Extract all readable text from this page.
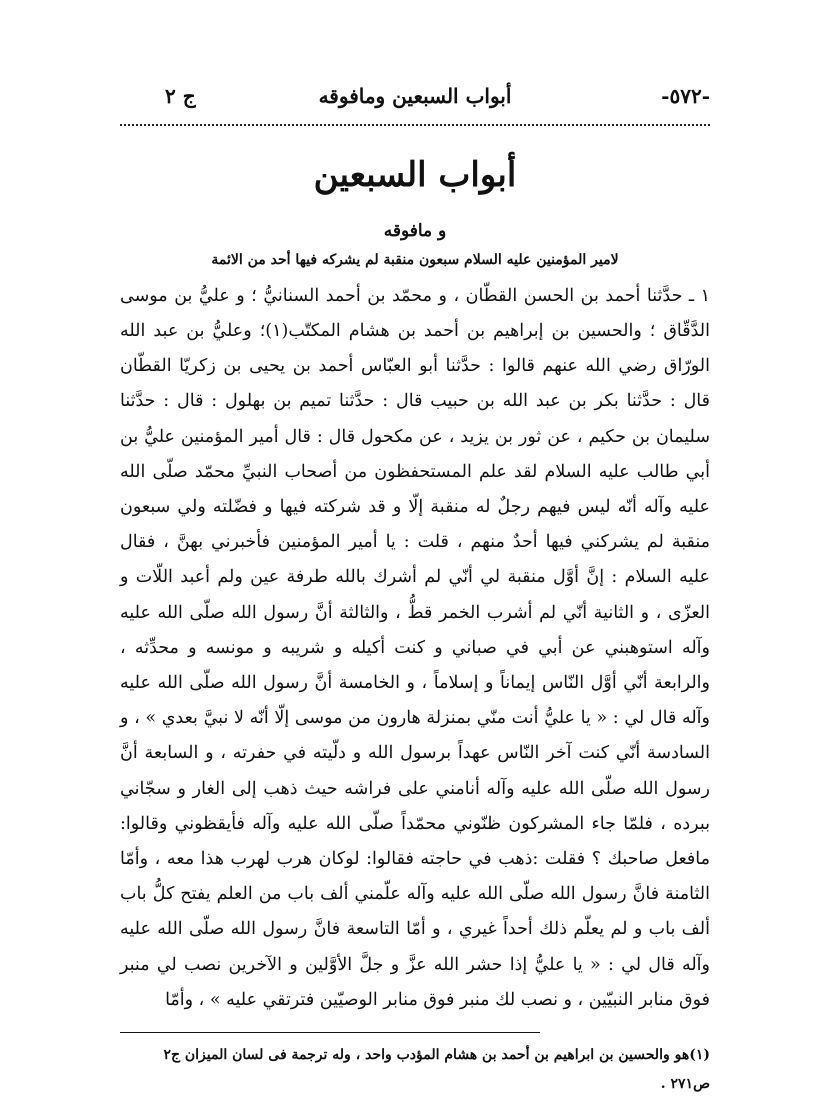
-٥٧٢-
أبواب السبعين ومافوقه
ج ٢
أبواب السبعين
و مافوقه
لامير المؤمنين عليه السلام سبعون منقبة لم يشركه فيها أحد من الائمة

١ ـ حدَّثنا أحمد بن الحسن القطّان ، و محمّد بن أحمد السنانيُّ ؛ و عليُّ بن موسى الدَّقّاق ؛ والحسين بن إبراهيم بن أحمد بن هشام المكتّب(١)؛ وعليُّ بن عبد الله الورّاق رضي الله عنهم قالوا : حدَّثنا أبو العبّاس أحمد بن يحيى بن زكريّا القطّان قال : حدَّثنا بكر بن عبد الله بن حبيب قال : حدَّثنا تميم بن بهلول : قال : حدَّثنا سليمان بن حكيم ، عن ثور بن يزيد ، عن مكحول قال : قال أمير المؤمنين عليُّ بن أبي طالب عليه السلام لقد علم المستحفظون من أصحاب النبيِّ محمّد صلّى الله عليه وآله أنّه ليس فيهم رجلٌ له منقبة إلّا و قد شركته فيها و فضّلته ولي سبعون منقبة لم يشركني فيها أحدٌ منهم ، قلت : يا أمير المؤمنين فأخبرني بهنَّ ، فقال عليه السلام : إنَّ أوَّل منقبة لي أنّي لم أشرك بالله طرفة عين ولم أعبد اللّات و العزّى ، و الثانية أنّي لم أشرب الخمر قطُّ ، والثالثة أنَّ رسول الله صلّى الله عليه وآله استوهبني عن أبي في صباني و كنت أكيله و شريبه و مونسه و محدِّثه ، والرابعة أنّي أوَّل النّاس إيماناً و إسلاماً ، و الخامسة أنَّ رسول الله صلّى الله عليه وآله قال لي : « يا عليُّ أنت منّي بمنزلة هارون من موسى إلّا أنّه لا نبيَّ بعدي » ، و السادسة أنّي كنت آخر النّاس عهداً برسول الله و دلّيته في حفرته ، و السابعة أنَّ رسول الله صلّى الله عليه وآله أنامني على فراشه حيث ذهب إلى الغار و سجّاني ببرده ، فلمّا جاء المشركون ظنّوني محمّداً صلّى الله عليه وآله فأيقظوني وقالوا: مافعل صاحبك ؟ فقلت :ذهب في حاجته فقالوا: لوكان هرب لهرب هذا معه ، وأمّا الثامنة فانَّ رسول الله صلّى الله عليه وآله علّمني ألف باب من العلم يفتح كلُّ باب ألف باب و لم يعلّم ذلك أحداً غيري ، و أمّا التاسعة فانَّ رسول الله صلّى الله عليه وآله قال لي : « يا عليُّ إذا حشر الله عزَّ و جلَّ الأوَّلين و الآخرين نصب لي منبر فوق منابر النبيّين ، و نصب لك منبر فوق منابر الوصيّين فترتقي عليه » ، وأمّا

(١)هو والحسين بن ابراهيم بن أحمد بن هشام المؤدب واحد ، وله ترجمة فى لسان الميزان ج٢ ص٢٧١ .
